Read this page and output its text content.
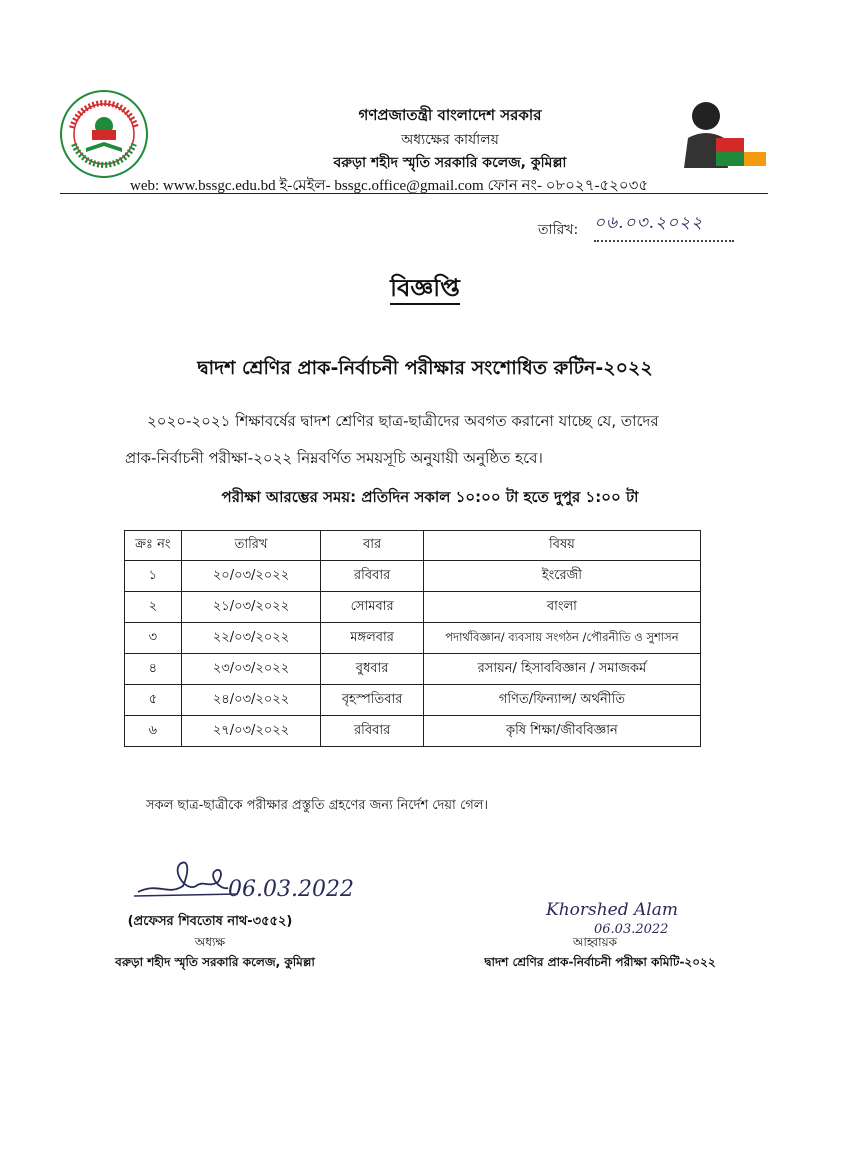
গণপ্রজাতন্ত্রী বাংলাদেশ সরকার
অধ্যক্ষের কার্যালয়
বরুড়া শহীদ স্মৃতি সরকারি কলেজ, কুমিল্লা
web: www.bssgc.edu.bd ই-মেইল- bssgc.office@gmail.com ফোন নং- ০৮০২৭-৫২০৩৫
তারিখ: ০৬.০৩.২০২২
বিজ্ঞপ্তি
দ্বাদশ শ্রেণির প্রাক-নির্বাচনী পরীক্ষার সংশোধিত রুটিন-২০২২
২০২০-২০২১ শিক্ষাবর্ষের দ্বাদশ শ্রেণির ছাত্র-ছাত্রীদের অবগত করানো যাচ্ছে যে, তাদের
প্রাক-নির্বাচনী পরীক্ষা-২০২২ নিম্নবর্ণিত সময়সূচি অনুযায়ী অনুষ্ঠিত হবে।
পরীক্ষা আরম্ভের সময়: প্রতিদিন সকাল ১০:০০ টা হতে দুপুর ১:০০ টা
ক্রঃ নং	তারিখ	বার	বিষয়
১	২০/০৩/২০২২	রবিবার	ইংরেজী
২	২১/০৩/২০২২	সোমবার	বাংলা
৩	২২/০৩/২০২২	মঙ্গলবার	পদার্থবিজ্ঞান/ ব্যবসায় সংগঠন /পৌরনীতি ও সুশাসন
৪	২৩/০৩/২০২২	বুধবার	রসায়ন/ হিসাববিজ্ঞান / সমাজকর্ম
৫	২৪/০৩/২০২২	বৃহস্পতিবার	গণিত/ফিন্যান্স/ অর্থনীতি
৬	২৭/০৩/২০২২	রবিবার	কৃষি শিক্ষা/জীববিজ্ঞান
সকল ছাত্র-ছাত্রীকে পরীক্ষার প্রস্তুতি গ্রহণের জন্য নির্দেশ দেয়া গেল।
06.03.2022
(প্রফেসর শিবতোষ নাথ-৩৫৫২)
অধ্যক্ষ
বরুড়া শহীদ স্মৃতি সরকারি কলেজ, কুমিল্লা
Khorshed Alam
06.03.2022
আহ্বায়ক
দ্বাদশ শ্রেণির প্রাক-নির্বাচনী পরীক্ষা কমিটি-২০২২
